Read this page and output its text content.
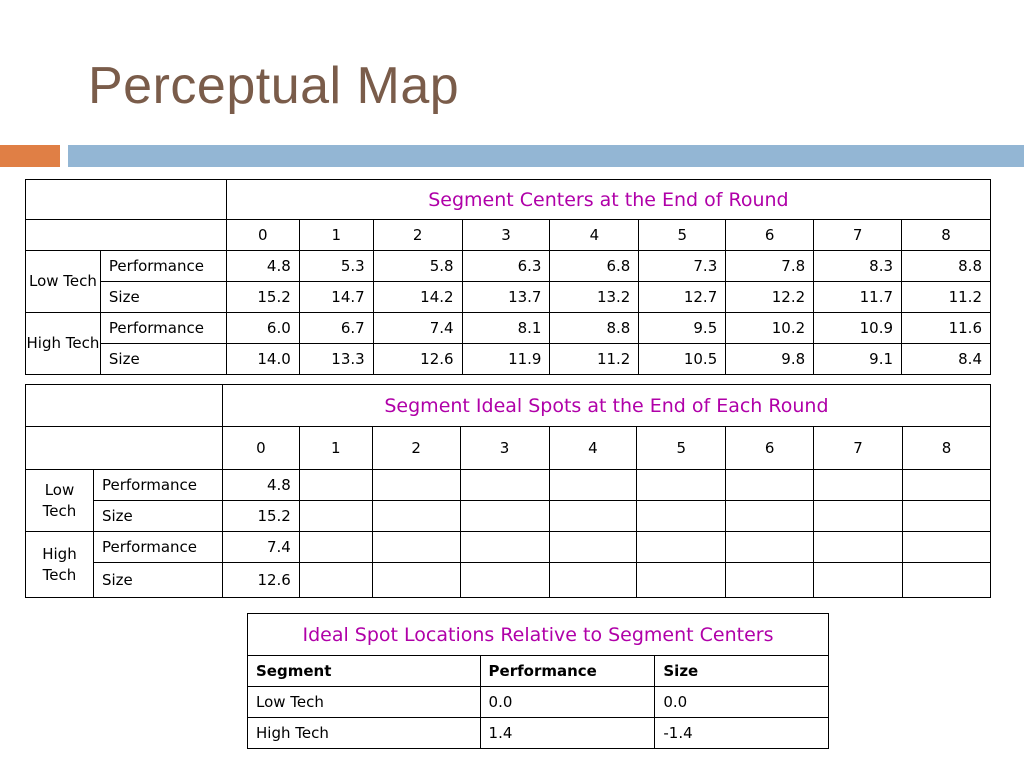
Perceptual Map
		Segment Centers at the End of Round								
		0	1	2	3	4	5	6	7	8
Low Tech	Performance	4.8	5.3	5.8	6.3	6.8	7.3	7.8	8.3	8.8
	Size	15.2	14.7	14.2	13.7	13.2	12.7	12.2	11.7	11.2
High Tech	Performance	6.0	6.7	7.4	8.1	8.8	9.5	10.2	10.9	11.6
	Size	14.0	13.3	12.6	11.9	11.2	10.5	9.8	9.1	8.4
		Segment Ideal Spots at the End of Each Round								
		0	1	2	3	4	5	6	7	8
Low Tech	Performance	4.8								
	Size	15.2								
High Tech	Performance	7.4								
	Size	12.6								
Ideal Spot Locations Relative to Segment Centers		
Segment	Performance	Size
Low Tech	0.0	0.0
High Tech	1.4	-1.4
